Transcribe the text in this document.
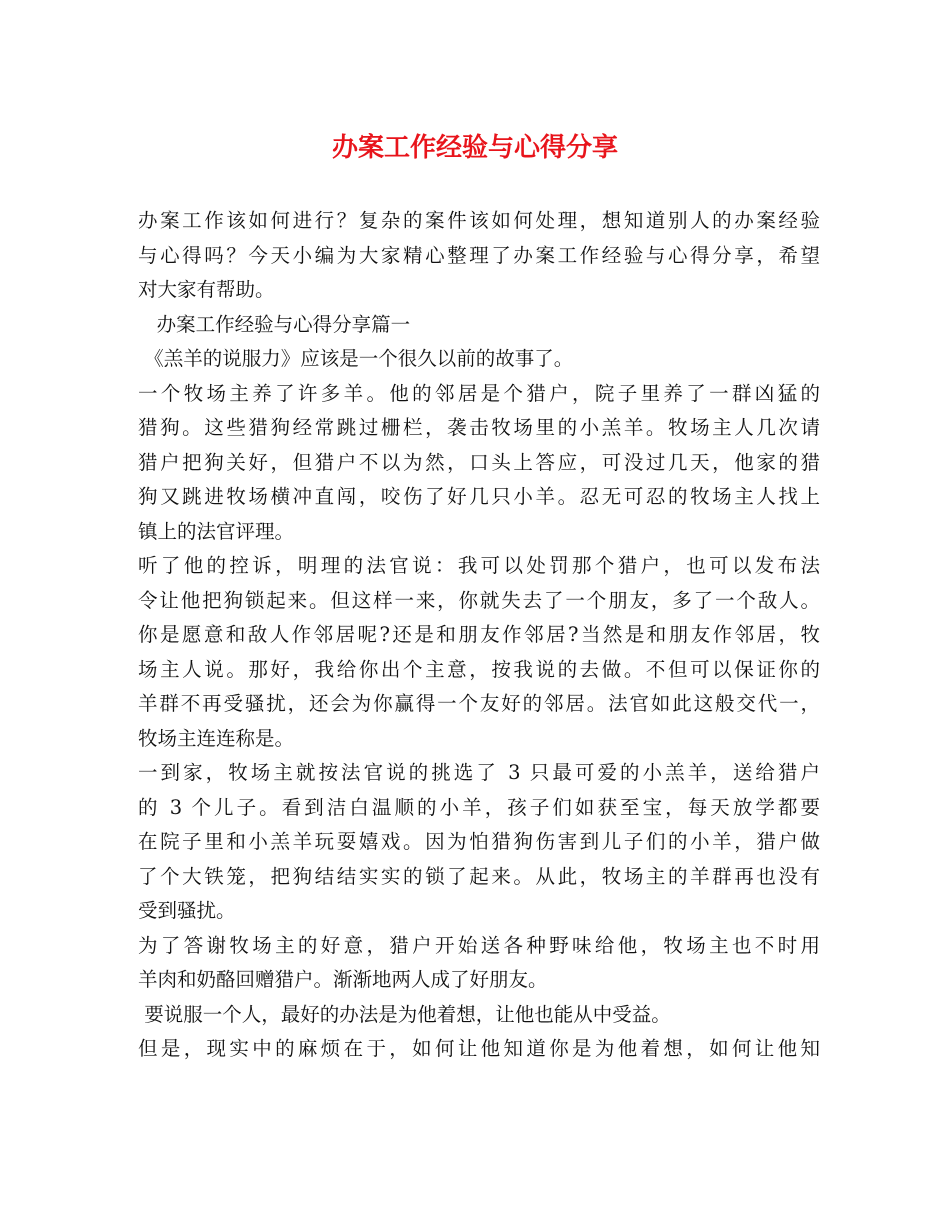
办案工作经验与心得分享
办案工作该如何进行？复杂的案件该如何处理，想知道别人的办案经验
与心得吗？今天小编为大家精心整理了办案工作经验与心得分享，希望
对大家有帮助。
办案工作经验与心得分享篇一
《羔羊的说服力》应该是一个很久以前的故事了。
一个牧场主养了许多羊。他的邻居是个猎户，院子里养了一群凶猛的
猎狗。这些猎狗经常跳过栅栏，袭击牧场里的小羔羊。牧场主人几次请
猎户把狗关好，但猎户不以为然，口头上答应，可没过几天，他家的猎
狗又跳进牧场横冲直闯，咬伤了好几只小羊。忍无可忍的牧场主人找上
镇上的法官评理。
听了他的控诉，明理的法官说：我可以处罚那个猎户，也可以发布法
令让他把狗锁起来。但这样一来，你就失去了一个朋友，多了一个敌人。
你是愿意和敌人作邻居呢?还是和朋友作邻居?当然是和朋友作邻居，牧
场主人说。那好，我给你出个主意，按我说的去做。不但可以保证你的
羊群不再受骚扰，还会为你赢得一个友好的邻居。法官如此这般交代一，
牧场主连连称是。
一到家，牧场主就按法官说的挑选了 3 只最可爱的小羔羊，送给猎户
的 3 个儿子。看到洁白温顺的小羊，孩子们如获至宝，每天放学都要
在院子里和小羔羊玩耍嬉戏。因为怕猎狗伤害到儿子们的小羊，猎户做
了个大铁笼，把狗结结实实的锁了起来。从此，牧场主的羊群再也没有
受到骚扰。
为了答谢牧场主的好意，猎户开始送各种野味给他，牧场主也不时用
羊肉和奶酪回赠猎户。渐渐地两人成了好朋友。
要说服一个人，最好的办法是为他着想，让他也能从中受益。
但是，现实中的麻烦在于，如何让他知道你是为他着想，如何让他知
